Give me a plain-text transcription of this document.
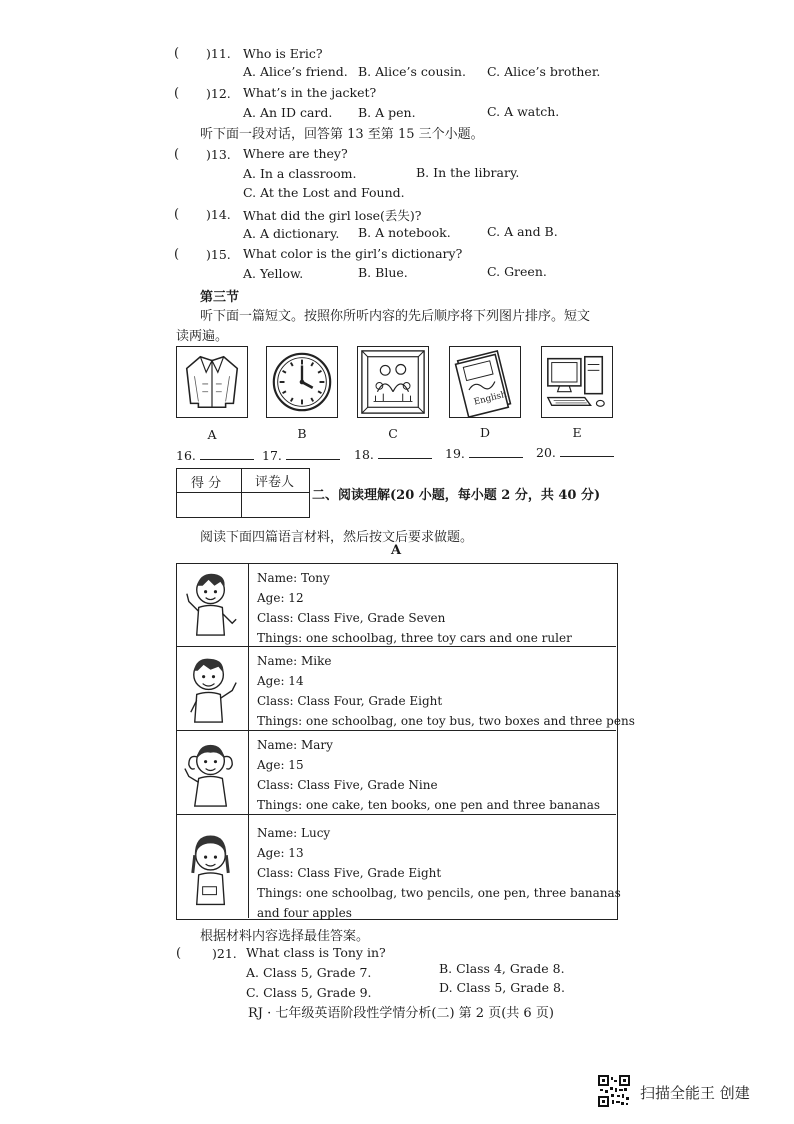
( )11. Who is Eric?
A. Alice’s friend. B. Alice’s cousin. C. Alice’s brother.
( )12. What’s in the jacket?
A. An ID card. B. A pen.	C. A watch.
听下面一段对话，回答第 13 至第 15 三个小题。
( )13. Where are they?
A. In a classroom.	B. In the library.
C. At the Lost and Found.
( )14. What did the girl lose(丢失)?
A. A dictionary. B. A notebook.	C. A and B.
( )15. What color is the girl’s dictionary?
A. Yellow.	B. Blue.	C. Green.
第三节
听下面一篇短文。按照你所听内容的先后顺序将下列图片排序。短文
读两遍。
English
A	B	C	D	E
16.	17.	18.	19.	20.
得 分	评卷人
二、阅读理解(20 小题，每小题 2 分，共 40 分)
阅读下面四篇语言材料，然后按文后要求做题。
A
Name: Tony
Age: 12
Class: Class Five, Grade Seven
Things: one schoolbag, three toy cars and one ruler
Name: Mike
Age: 14
Class: Class Four, Grade Eight
Things: one schoolbag, one toy bus, two boxes and three pens
Name: Mary
Age: 15
Class: Class Five, Grade Nine
Things: one cake, ten books, one pen and three bananas
Name: Lucy
Age: 13
Class: Class Five, Grade Eight
Things: one schoolbag, two pencils, one pen, three bananas
and four apples
根据材料内容选择最佳答案。
( )21. What class is Tony in?
A. Class 5, Grade 7.	B. Class 4, Grade 8.
C. Class 5, Grade 9.	D. Class 5, Grade 8.
RJ · 七年级英语阶段性学情分析(二) 第 2 页(共 6 页)
扫描全能王 创建
